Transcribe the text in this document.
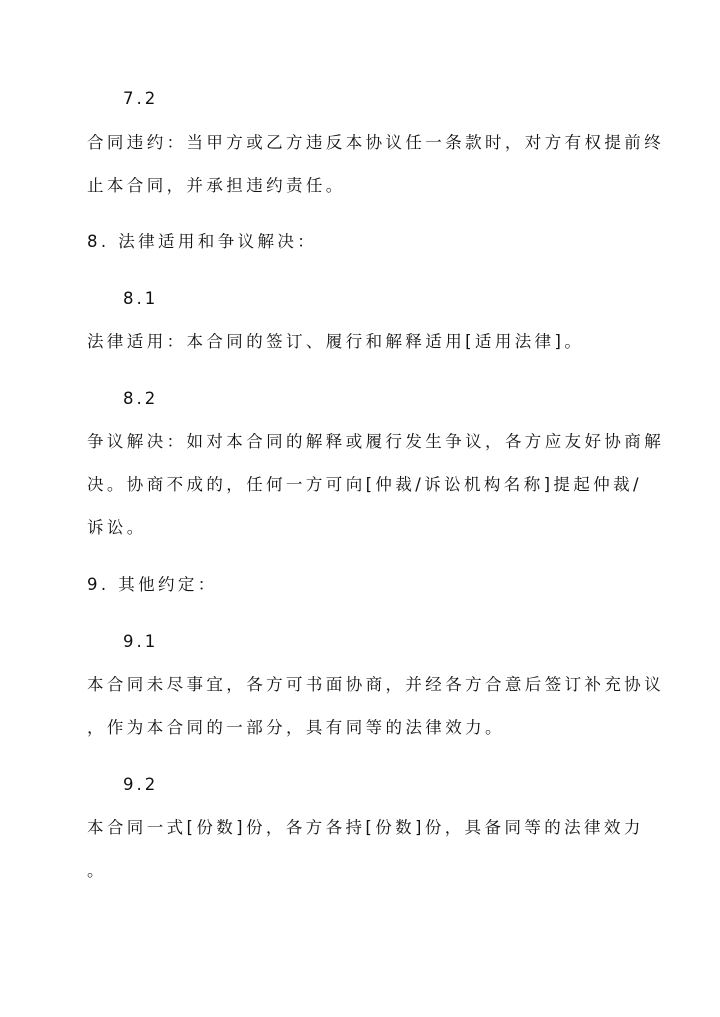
7.2
合同违约：当甲方或乙方违反本协议任一条款时，对方有权提前终
止本合同，并承担违约责任。
8. 法律适用和争议解决：
8.1
法律适用：本合同的签订、履行和解释适用[适用法律]。
8.2
争议解决：如对本合同的解释或履行发生争议，各方应友好协商解
决。协商不成的，任何一方可向[仲裁/诉讼机构名称]提起仲裁/
诉讼。
9. 其他约定：
9.1
本合同未尽事宜，各方可书面协商，并经各方合意后签订补充协议
，作为本合同的一部分，具有同等的法律效力。
9.2
本合同一式[份数]份，各方各持[份数]份，具备同等的法律效力
。
